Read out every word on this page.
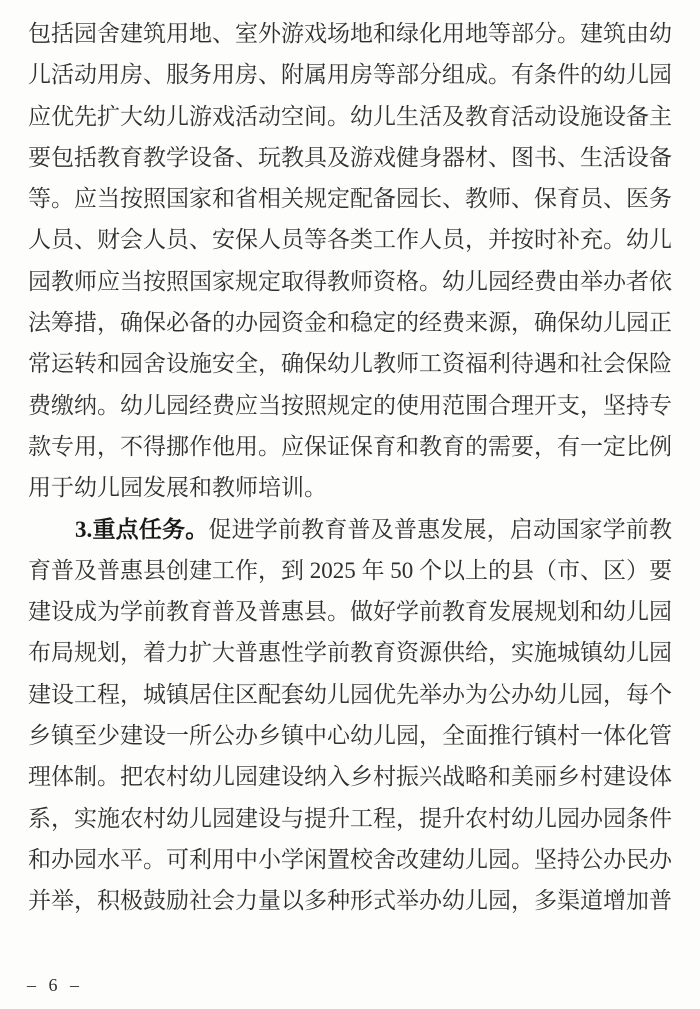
包括园舍建筑用地、室外游戏场地和绿化用地等部分。建筑由幼
儿活动用房、服务用房、附属用房等部分组成。有条件的幼儿园
应优先扩大幼儿游戏活动空间。幼儿生活及教育活动设施设备主
要包括教育教学设备、玩教具及游戏健身器材、图书、生活设备
等。应当按照国家和省相关规定配备园长、教师、保育员、医务
人员、财会人员、安保人员等各类工作人员，并按时补充。幼儿
园教师应当按照国家规定取得教师资格。幼儿园经费由举办者依
法筹措，确保必备的办园资金和稳定的经费来源，确保幼儿园正
常运转和园舍设施安全，确保幼儿教师工资福利待遇和社会保险
费缴纳。幼儿园经费应当按照规定的使用范围合理开支，坚持专
款专用，不得挪作他用。应保证保育和教育的需要，有一定比例
用于幼儿园发展和教师培训。
3.重点任务。促进学前教育普及普惠发展，启动国家学前教
育普及普惠县创建工作，到 2025 年 50 个以上的县（市、区）要
建设成为学前教育普及普惠县。做好学前教育发展规划和幼儿园
布局规划，着力扩大普惠性学前教育资源供给，实施城镇幼儿园
建设工程，城镇居住区配套幼儿园优先举办为公办幼儿园，每个
乡镇至少建设一所公办乡镇中心幼儿园，全面推行镇村一体化管
理体制。把农村幼儿园建设纳入乡村振兴战略和美丽乡村建设体
系，实施农村幼儿园建设与提升工程，提升农村幼儿园办园条件
和办园水平。可利用中小学闲置校舍改建幼儿园。坚持公办民办
并举，积极鼓励社会力量以多种形式举办幼儿园，多渠道增加普
– 6 –
